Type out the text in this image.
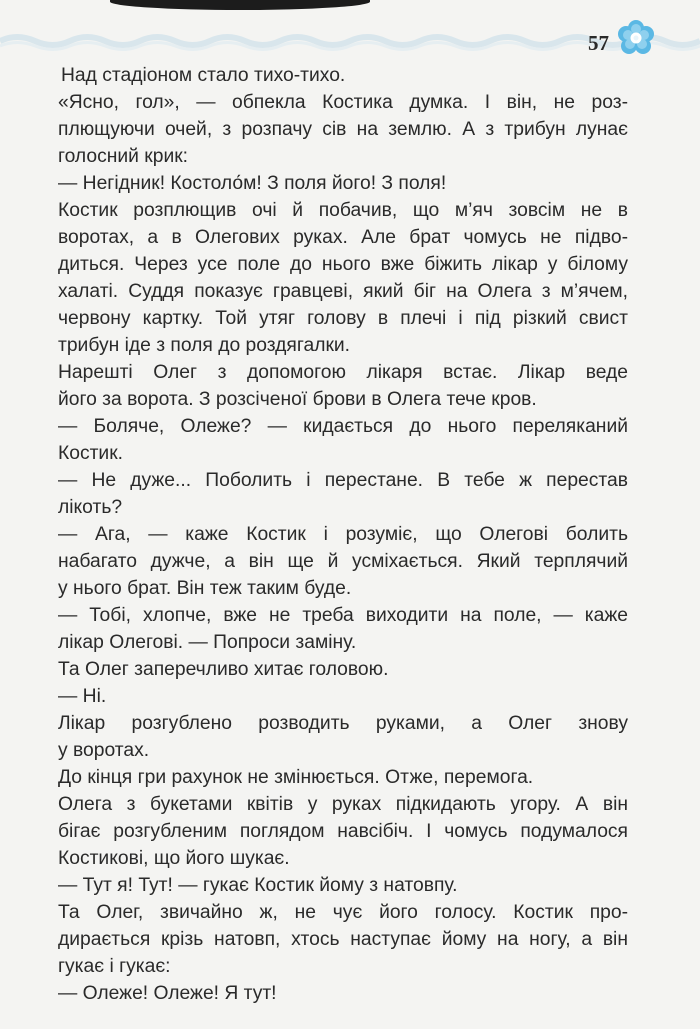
57
Над стадіоном стало тихо-тихо.
«Ясно, гол», — обпекла Костика думка. І він, не роз-
плющуючи очей, з розпачу сів на землю. А з трибун лунає
голосний крик:
— Негідник! Костоло́м! З поля його! З поля!
Костик розплющив очі й побачив, що м’яч зовсім не в
воротах, а в Олегових руках. Але брат чомусь не підво-
диться. Через усе поле до нього вже біжить лікар у білому
халаті. Суддя показує гравцеві, який біг на Олега з м’ячем,
червону картку. Той утяг голову в плечі і під різкий свист
трибун іде з поля до роздягалки.
Нарешті Олег з допомогою лікаря встає. Лікар веде
його за ворота. З розсіченої брови в Олега тече кров.
— Боляче, Олеже? — кидається до нього переляканий
Костик.
— Не дуже... Поболить і перестане. В тебе ж перестав
лікоть?
— Ага, — каже Костик і розуміє, що Олегові болить
набагато дужче, а він ще й усміхається. Який терплячий
у нього брат. Він теж таким буде.
— Тобі, хлопче, вже не треба виходити на поле, — каже
лікар Олегові. — Попроси заміну.
Та Олег заперечливо хитає головою.
— Ні.
Лікар розгублено розводить руками, а Олег знову
у воротах.
До кінця гри рахунок не змінюється. Отже, перемога.
Олега з букетами квітів у руках підкидають угору. А він
бігає розгубленим поглядом навсібіч. І чомусь подумалося
Костикові, що його шукає.
— Тут я! Тут! — гукає Костик йому з натовпу.
Та Олег, звичайно ж, не чує його голосу. Костик про-
дирається крізь натовп, хтось наступає йому на ногу, а він
гукає і гукає:
— Олеже! Олеже! Я тут!
